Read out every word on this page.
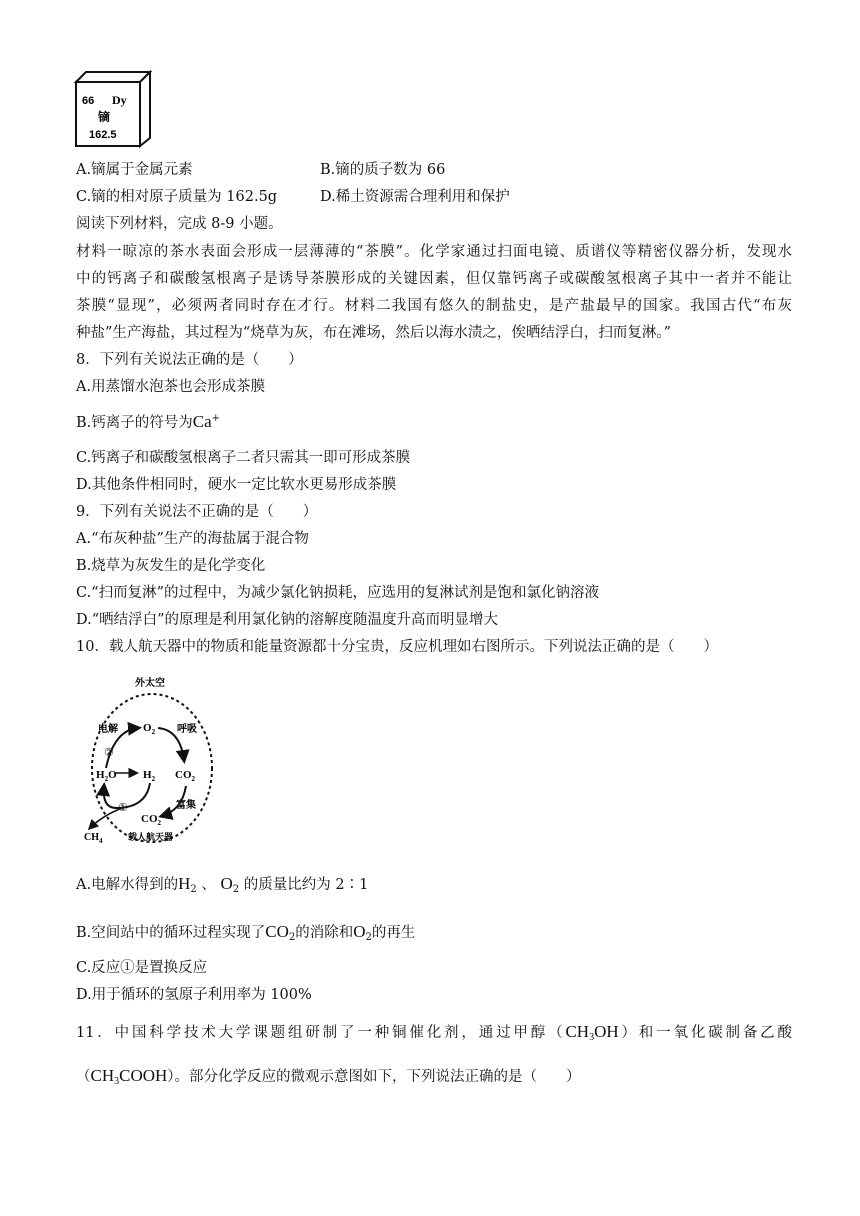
66 Dy
镝
162.5
A.镝属于金属元素	B.镝的质子数为 66
C.镝的相对原子质量为 162.5g	D.稀土资源需合理利用和保护
阅读下列材料，完成 8-9 小题。
材料一晾凉的茶水表面会形成一层薄薄的“茶膜”。化学家通过扫面电镜、质谱仪等精密仪器分析，发现水
中的钙离子和碳酸氢根离子是诱导茶膜形成的关键因素，但仅靠钙离子或碳酸氢根离子其中一者并不能让
茶膜“显现”，必须两者同时存在才行。材料二我国有悠久的制盐史，是产盐最早的国家。我国古代“布灰
种盐”生产海盐，其过程为“烧草为灰，布在滩场，然后以海水渍之，俟晒结浮白，扫而复淋。”
8．下列有关说法正确的是（　　）
A.用蒸馏水泡茶也会形成茶膜
B.钙离子的符号为Ca+
C.钙离子和碳酸氢根离子二者只需其一即可形成茶膜
D.其他条件相同时，硬水一定比软水更易形成茶膜
9．下列有关说法不正确的是（　　）
A.“布灰种盐”生产的海盐属于混合物
B.烧草为灰发生的是化学变化
C.“扫而复淋”的过程中，为减少氯化钠损耗，应选用的复淋试剂是饱和氯化钠溶液
D.“晒结浮白”的原理是利用氯化钠的溶解度随温度升高而明显增大
10．载人航天器中的物质和能量资源都十分宝贵，反应机理如右图所示。下列说法正确的是（　　）
外太空
电解 $O_2$ 呼吸
②
$H_2O$ $H_2$ $CO_2$
①	富集
$CO_2$
$CH_4$	载人航天器
A.电解水得到的$H_2$ 、 $O_2$ 的质量比约为 2∶1
B.空间站中的循环过程实现了$CO_2$的消除和$O_2$的再生
C.反应①是置换反应
D.用于循环的氢原子利用率为 100%
11．中国科学技术大学课题组研制了一种铜催化剂，通过甲醇$(CH_3OH)$和一氧化碳制备乙酸
$(CH_3COOH)$。部分化学反应的微观示意图如下，下列说法正确的是（　　）
